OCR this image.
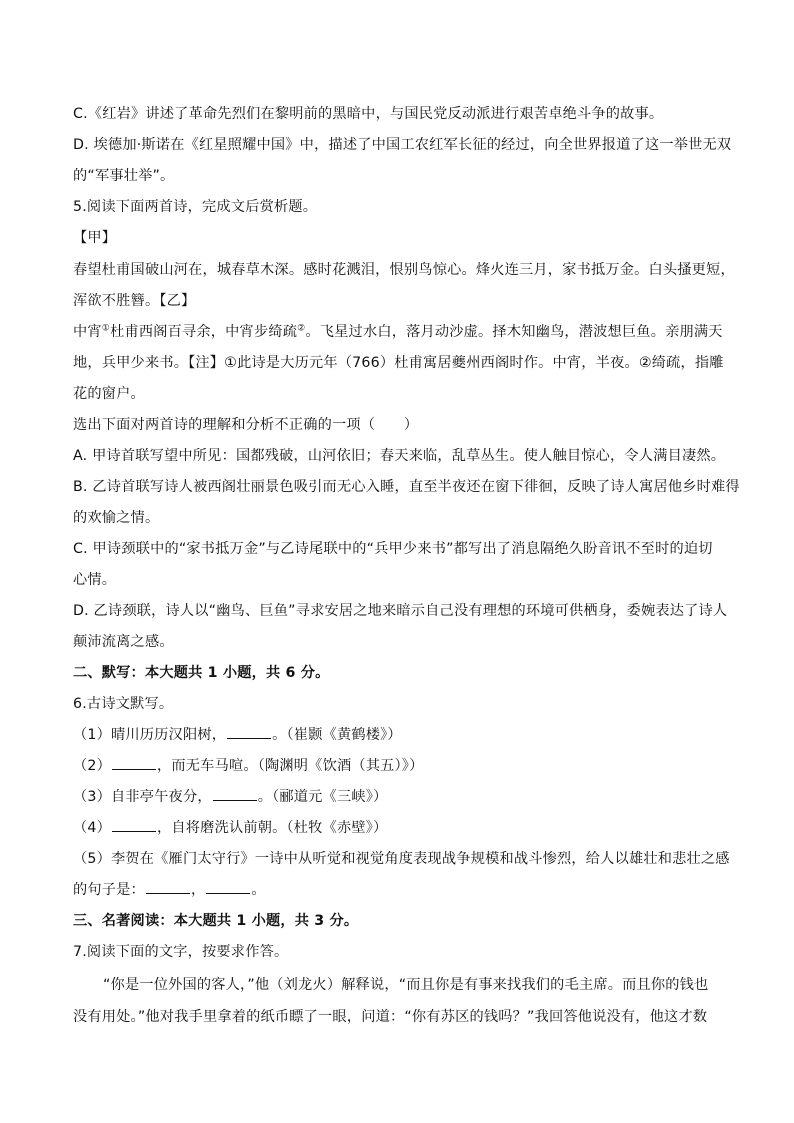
C.《红岩》讲述了革命先烈们在黎明前的黑暗中，与国民党反动派进行艰苦卓绝斗争的故事。
D. 埃德加·斯诺在《红星照耀中国》中，描述了中国工农红军长征的经过，向全世界报道了这一举世无双
的“军事壮举”。
5.阅读下面两首诗，完成文后赏析题。
【甲】
春望杜甫国破山河在，城春草木深。感时花溅泪，恨别鸟惊心。烽火连三月，家书抵万金。白头搔更短，
浑欲不胜簪。【乙】
中宵①杜甫西阁百寻余，中宵步绮疏②。飞星过水白，落月动沙虚。择木知幽鸟，潜波想巨鱼。亲朋满天
地，兵甲少来书。【注】①此诗是大历元年（766）杜甫寓居夔州西阁时作。中宵，半夜。②绮疏，指雕
花的窗户。
选出下面对两首诗的理解和分析不正确的一项（　　）
A. 甲诗首联写望中所见：国都残破，山河依旧；春天来临，乱草丛生。使人触目惊心，令人满目凄然。
B. 乙诗首联写诗人被西阁壮丽景色吸引而无心入睡，直至半夜还在窗下徘徊，反映了诗人寓居他乡时难得
的欢愉之情。
C. 甲诗颈联中的“家书抵万金”与乙诗尾联中的“兵甲少来书”都写出了消息隔绝久盼音讯不至时的迫切
心情。
D. 乙诗颈联，诗人以“幽鸟、巨鱼”寻求安居之地来暗示自己没有理想的环境可供栖身，委婉表达了诗人
颠沛流离之感。
二、默写：本大题共 1 小题，共 6 分。
6.古诗文默写。
（1）晴川历历汉阳树，	。（崔颢《黄鹤楼》）
（2）	，而无车马喧。（陶渊明《饮酒（其五）》）
（3）自非亭午夜分，	。（郦道元《三峡》）
（4）	，自将磨洗认前朝。（杜牧《赤壁》）
（5）李贺在《雁门太守行》一诗中从听觉和视觉角度表现战争规模和战斗惨烈，给人以雄壮和悲壮之感
的句子是：	，	。
三、名著阅读：本大题共 1 小题，共 3 分。
7.阅读下面的文字，按要求作答。
“你是一位外国的客人，”他（刘龙火）解释说，“而且你是有事来找我们的毛主席。而且你的钱也
没有用处。”他对我手里拿着的纸币瞟了一眼，问道：“你有苏区的钱吗？”我回答他说没有，他这才数
